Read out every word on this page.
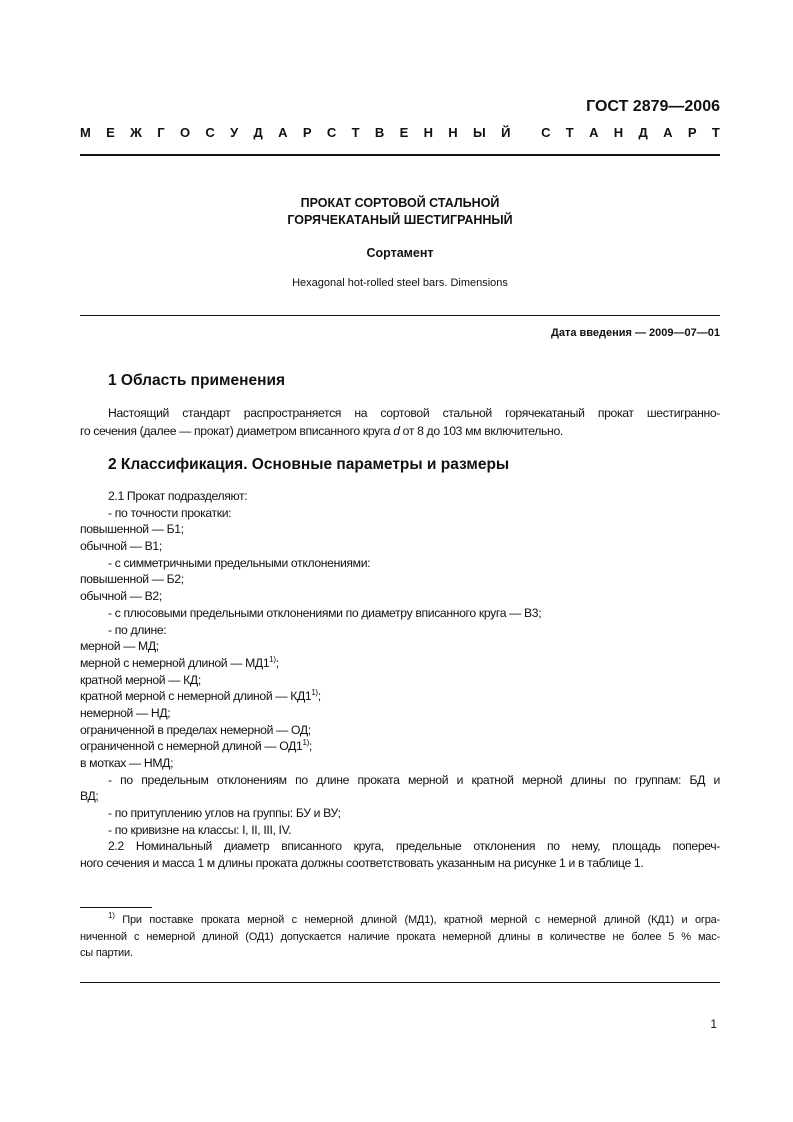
ГОСТ 2879—2006
М Е Ж Г О С У Д А Р С Т В Е Н Н Ы Й С Т А Н Д А Р Т
ПРОКАТ СОРТОВОЙ СТАЛЬНОЙ
ГОРЯЧЕКАТАНЫЙ ШЕСТИГРАННЫЙ
Сортамент
Hexagonal hot-rolled steel bars. Dimensions
Дата введения — 2009—07—01
1 Область применения
Настоящий стандарт распространяется на сортовой стальной горячекатаный прокат шестигранно-
го сечения (далее — прокат) диаметром вписанного круга d от 8 до 103 мм включительно.
2 Классификация. Основные параметры и размеры
2.1 Прокат подразделяют:
- по точности прокатки:
повышенной — Б1;
обычной — В1;
- с симметричными предельными отклонениями:
повышенной — Б2;
обычной — В2;
- с плюсовыми предельными отклонениями по диаметру вписанного круга — В3;
- по длине:
мерной — МД;
мерной с немерной длиной — МД1$^{1)}$;
кратной мерной — КД;
кратной мерной с немерной длиной — КД1$^{1)}$;
немерной — НД;
ограниченной в пределах немерной — ОД;
ограниченной с немерной длиной — ОД1$^{1)}$;
в мотках — НМД;
- по предельным отклонениям по длине проката мерной и кратной мерной длины по группам: БД и
ВД;
- по притуплению углов на группы: БУ и ВУ;
- по кривизне на классы: I, II, III, IV.
2.2 Номинальный диаметр вписанного круга, предельные отклонения по нему, площадь попереч-
ного сечения и масса 1 м длины проката должны соответствовать указанным на рисунке 1 и в таблице 1.
$^{1)}$ При поставке проката мерной с немерной длиной (МД1), кратной мерной с немерной длиной (КД1) и огра-
ниченной с немерной длиной (ОД1) допускается наличие проката немерной длины в количестве не более 5 % мас-
сы партии.
1
